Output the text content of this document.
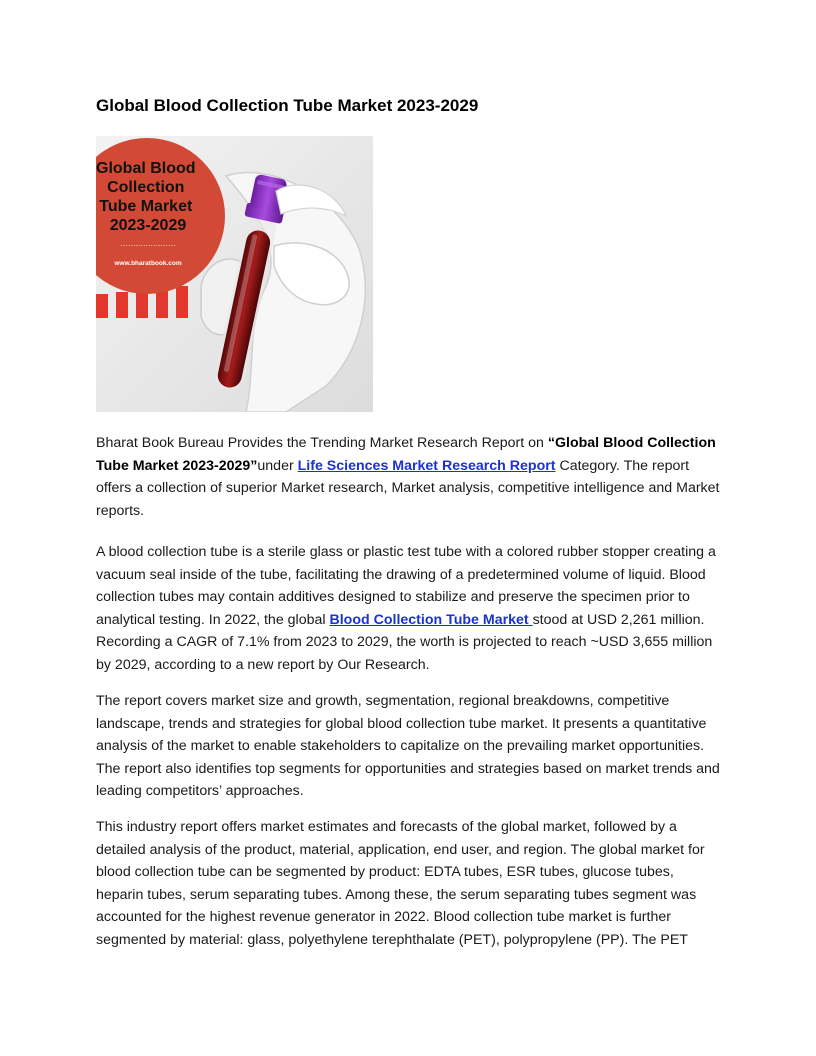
Global Blood Collection Tube Market 2023-2029
Global Blood Collection Tube Market 2023-2029
......................
www.bharatbook.com

Bharat Book Bureau Provides the Trending Market Research Report on “Global Blood Collection Tube Market 2023-2029”under Life Sciences Market Research Report Category. The report offers a collection of superior Market research, Market analysis, competitive intelligence and Market reports.

A blood collection tube is a sterile glass or plastic test tube with a colored rubber stopper creating a vacuum seal inside of the tube, facilitating the drawing of a predetermined volume of liquid. Blood collection tubes may contain additives designed to stabilize and preserve the specimen prior to analytical testing. In 2022, the global Blood Collection Tube Market stood at USD 2,261 million. Recording a CAGR of 7.1% from 2023 to 2029, the worth is projected to reach ~USD 3,655 million by 2029, according to a new report by Our Research.

The report covers market size and growth, segmentation, regional breakdowns, competitive landscape, trends and strategies for global blood collection tube market. It presents a quantitative analysis of the market to enable stakeholders to capitalize on the prevailing market opportunities. The report also identifies top segments for opportunities and strategies based on market trends and leading competitors’ approaches.

This industry report offers market estimates and forecasts of the global market, followed by a detailed analysis of the product, material, application, end user, and region. The global market for blood collection tube can be segmented by product: EDTA tubes, ESR tubes, glucose tubes, heparin tubes, serum separating tubes. Among these, the serum separating tubes segment was accounted for the highest revenue generator in 2022. Blood collection tube market is further segmented by material: glass, polyethylene terephthalate (PET), polypropylene (PP). The PET
